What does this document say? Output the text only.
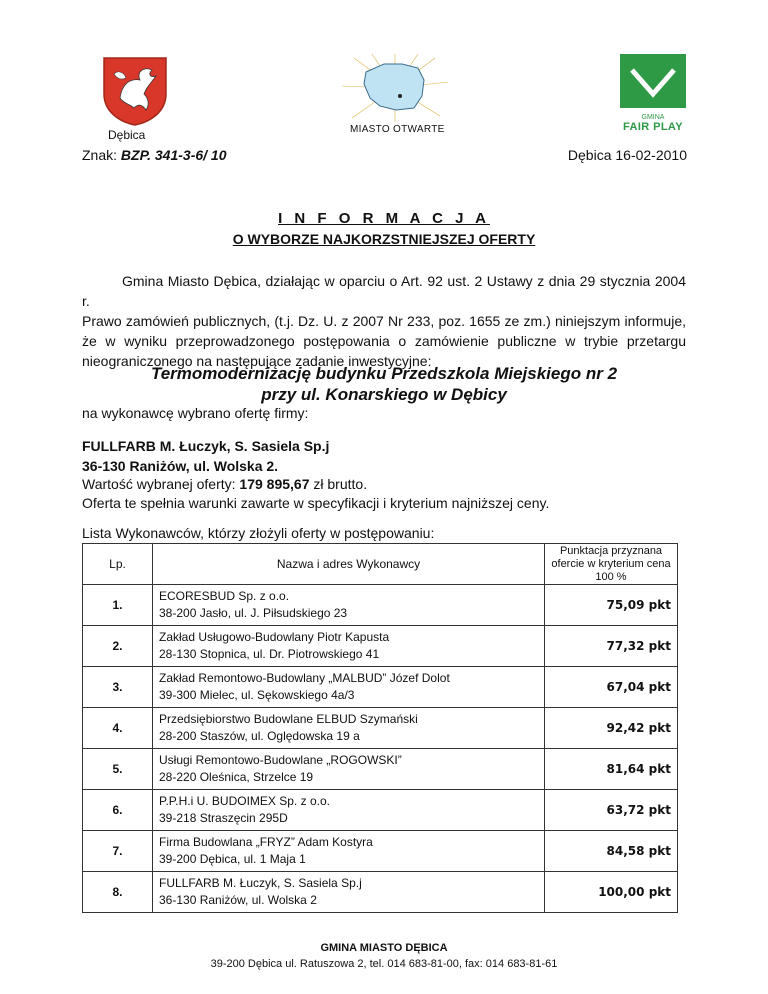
Dębica	MIASTO OTWARTE
GMINA
FAIR PLAY
Znak: BZP. 341-3-6/ 10	Dębica 16-02-2010
I N F O R M A C J A
O WYBORZE NAJKORZSTNIEJSZEJ OFERTY
Gmina Miasto Dębica, działając w oparciu o Art. 92 ust. 2 Ustawy z dnia 29 stycznia 2004 r.
Prawo zamówień publicznych, (t.j. Dz. U. z 2007 Nr 233, poz. 1655 ze zm.) niniejszym informuje,
że w wyniku przeprowadzonego postępowania o zamówienie publiczne w trybie przetargu
nieograniczonego na następujące zadanie inwestycyjne:
Termomodernizację budynku Przedszkola Miejskiego nr 2
przy ul. Konarskiego w Dębicy
na wykonawcę wybrano ofertę firmy:
FULLFARB M. Łuczyk, S. Sasiela Sp.j
36-130 Raniżów, ul. Wolska 2.
Wartość wybranej oferty: 179 895,67 zł brutto.
Oferta te spełnia warunki zawarte w specyfikacji i kryterium najniższej ceny.
Lista Wykonawców, którzy złożyli oferty w postępowaniu:
Lp.	Nazwa i adres Wykonawcy	Punktacja przyznana ofercie w kryterium cena 100 %
1.	ECORESBUD Sp. z o.o.
38-200 Jasło, ul. J. Piłsudskiego 23	75,09 pkt
2.	Zakład Usługowo-Budowlany Piotr Kapusta
28-130 Stopnica, ul. Dr. Piotrowskiego 41	77,32 pkt
3.	Zakład Remontowo-Budowlany „MALBUD” Józef Dolot
39-300 Mielec, ul. Sękowskiego 4a/3	67,04 pkt
4.	Przedsiębiorstwo Budowlane ELBUD Szymański
28-200 Staszów, ul. Oględowska 19 a	92,42 pkt
5.	Usługi Remontowo-Budowlane „ROGOWSKI”
28-220 Oleśnica, Strzelce 19	81,64 pkt
6.	P.P.H.i U. BUDOIMEX Sp. z o.o.
39-218 Straszęcin 295D	63,72 pkt
7.	Firma Budowlana „FRYZ” Adam Kostyra
39-200 Dębica, ul. 1 Maja 1	84,58 pkt
8.	FULLFARB M. Łuczyk, S. Sasiela Sp.j
36-130 Raniżów, ul. Wolska 2	100,00 pkt
GMINA MIASTO DĘBICA
39-200 Dębica ul. Ratuszowa 2, tel. 014 683-81-00, fax: 014 683-81-61
